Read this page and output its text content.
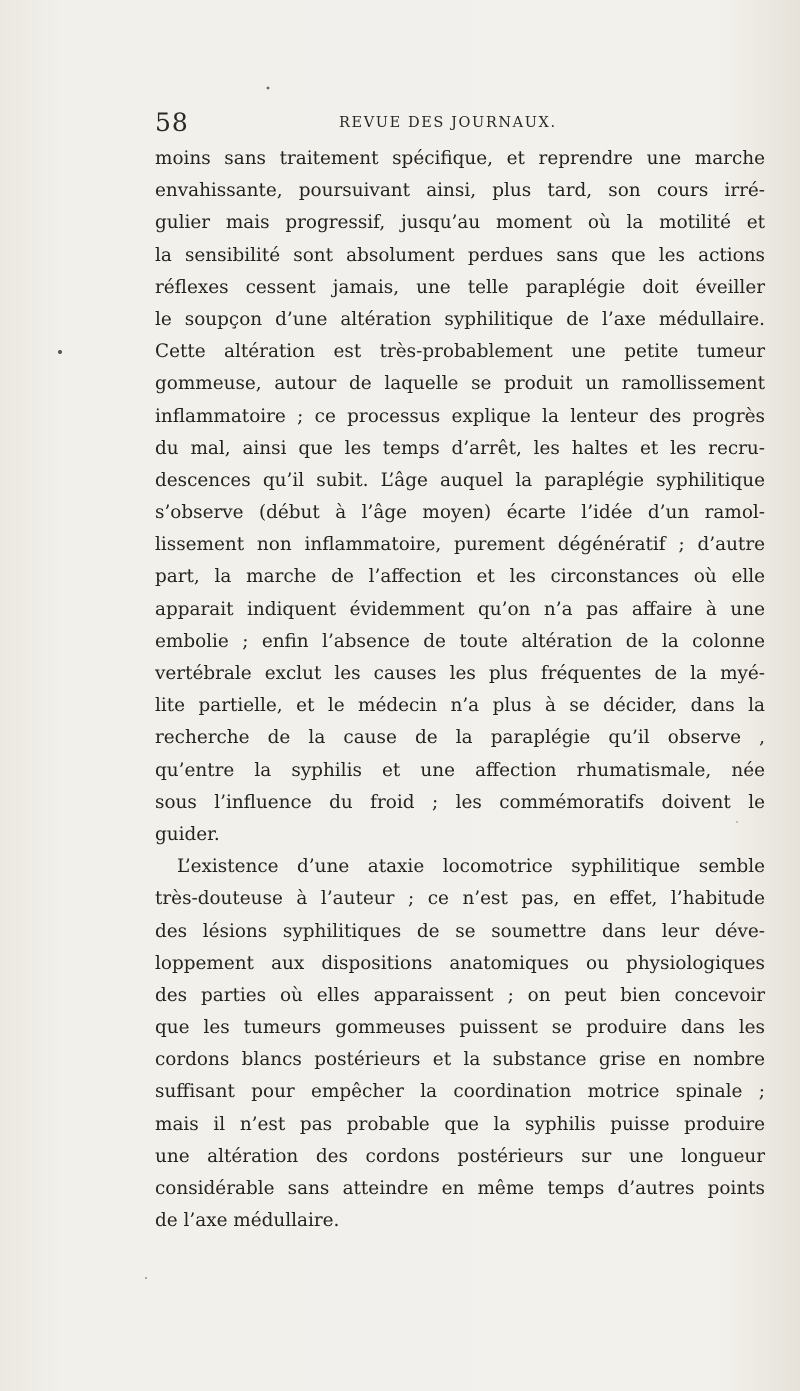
58	REVUE DES JOURNAUX.
moins sans traitement spécifique, et reprendre une marche
envahissante, poursuivant ainsi, plus tard, son cours irré-
gulier mais progressif, jusqu’au moment où la motilité et
la sensibilité sont absolument perdues sans que les actions
réflexes cessent jamais, une telle paraplégie doit éveiller
le soupçon d’une altération syphilitique de l’axe médullaire.
Cette altération est très-probablement une petite tumeur
gommeuse, autour de laquelle se produit un ramollissement
inflammatoire ; ce processus explique la lenteur des progrès
du mal, ainsi que les temps d’arrêt, les haltes et les recru-
descences qu’il subit. L’âge auquel la paraplégie syphilitique
s’observe (début à l’âge moyen) écarte l’idée d’un ramol-
lissement non inflammatoire, purement dégénératif ; d’autre
part, la marche de l’affection et les circonstances où elle
apparait indiquent évidemment qu’on n’a pas affaire à une
embolie ; enfin l’absence de toute altération de la colonne
vertébrale exclut les causes les plus fréquentes de la myé-
lite partielle, et le médecin n’a plus à se décider, dans la
recherche de la cause de la paraplégie qu’il observe ,
qu’entre la syphilis et une affection rhumatismale, née
sous l’influence du froid ; les commémoratifs doivent le
guider.
L’existence d’une ataxie locomotrice syphilitique semble
très-douteuse à l’auteur ; ce n’est pas, en effet, l’habitude
des lésions syphilitiques de se soumettre dans leur déve-
loppement aux dispositions anatomiques ou physiologiques
des parties où elles apparaissent ; on peut bien concevoir
que les tumeurs gommeuses puissent se produire dans les
cordons blancs postérieurs et la substance grise en nombre
suffisant pour empêcher la coordination motrice spinale ;
mais il n’est pas probable que la syphilis puisse produire
une altération des cordons postérieurs sur une longueur
considérable sans atteindre en même temps d’autres points
de l’axe médullaire.
